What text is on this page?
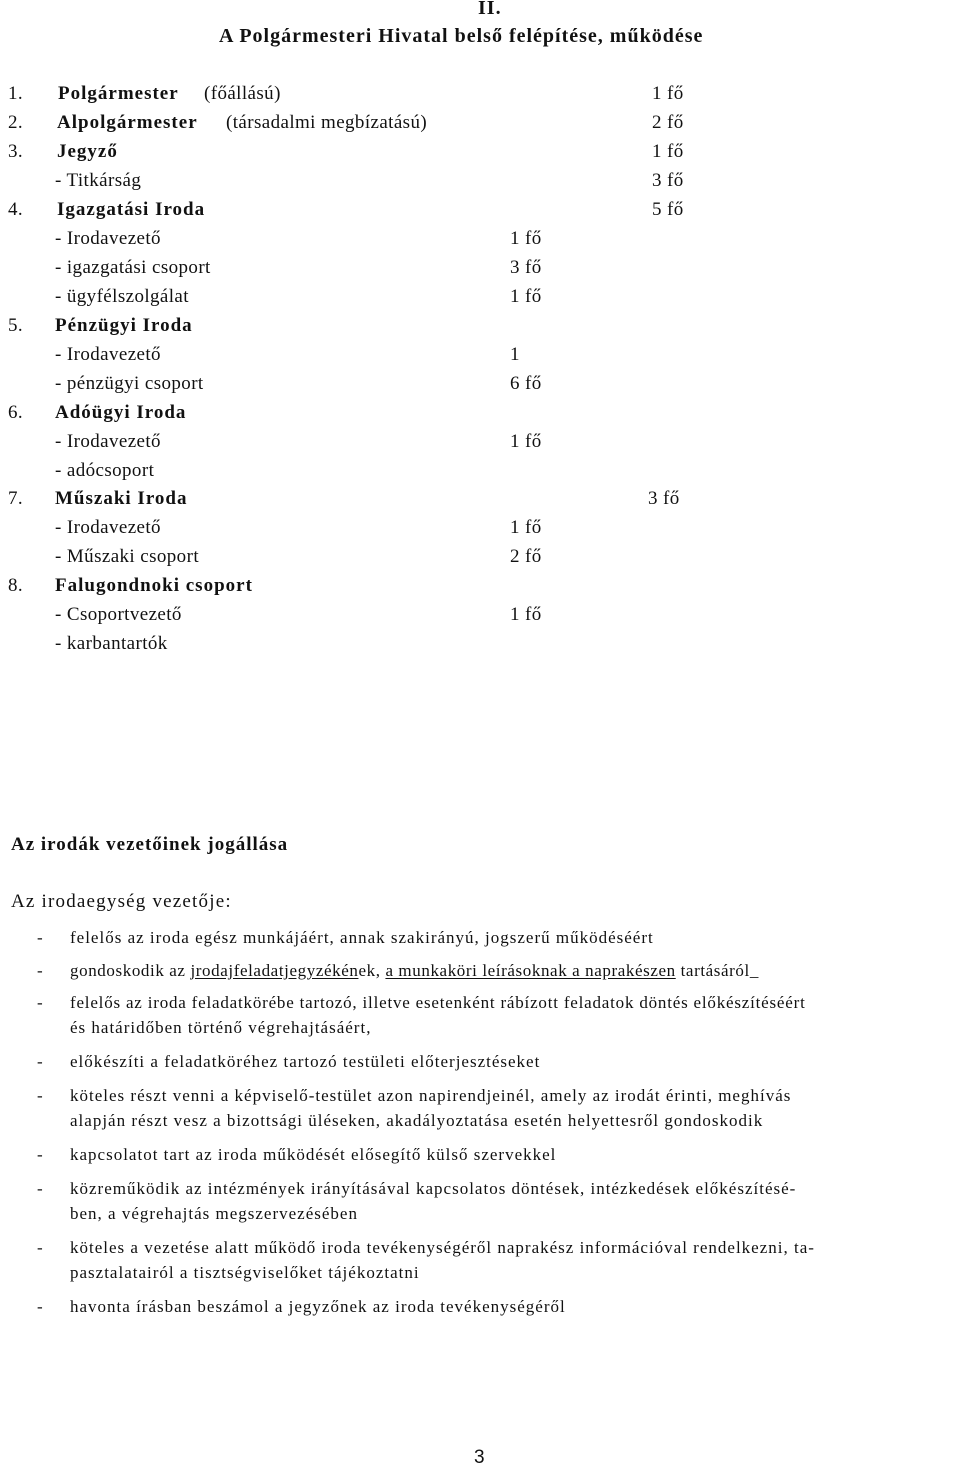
II.
A Polgármesteri Hivatal belső felépítése, működése
1. Polgármester (főállású)	1 fő
2. Alpolgármester (társadalmi megbízatású)	2 fő
3. Jegyző	1 fő
- Titkárság	3 fő
4. Igazgatási Iroda	5 fő
- Irodavezető	1 fő
- igazgatási csoport	3 fő
- ügyfélszolgálat	1 fő
5. Pénzügyi Iroda
- Irodavezető	1
- pénzügyi csoport	6 fő
6. Adóügyi Iroda
- Irodavezető	1 fő
- adócsoport
7. Műszaki Iroda	3 fő
- Irodavezető	1 fő
- Műszaki csoport	2 fő
8. Falugondnoki csoport
- Csoportvezető	1 fő
- karbantartók
Az irodák vezetőinek jogállása
Az irodaegység vezetője:
- felelős az iroda egész munkájáért, annak szakirányú, jogszerű működéséért
- gondoskodik az jrodajfeladatjegyzékének, a munkaköri leírásoknak a naprakészen tartásáról_
- felelős az iroda feladatkörébe tartozó, illetve esetenként rábízott feladatok döntés előkészítéséért
és határidőben történő végrehajtásáért,
- előkészíti a feladatköréhez tartozó testületi előterjesztéseket
- köteles részt venni a képviselő-testület azon napirendjeinél, amely az irodát érinti, meghívás
alapján részt vesz a bizottsági üléseken, akadályoztatása esetén helyettesről gondoskodik
- kapcsolatot tart az iroda működését elősegítő külső szervekkel
- közreműködik az intézmények irányításával kapcsolatos döntések, intézkedések előkészítésé-
ben, a végrehajtás megszervezésében
- köteles a vezetése alatt működő iroda tevékenységéről naprakész információval rendelkezni, ta-
pasztalatairól a tisztségviselőket tájékoztatni
- havonta írásban beszámol a jegyzőnek az iroda tevékenységéről
3
